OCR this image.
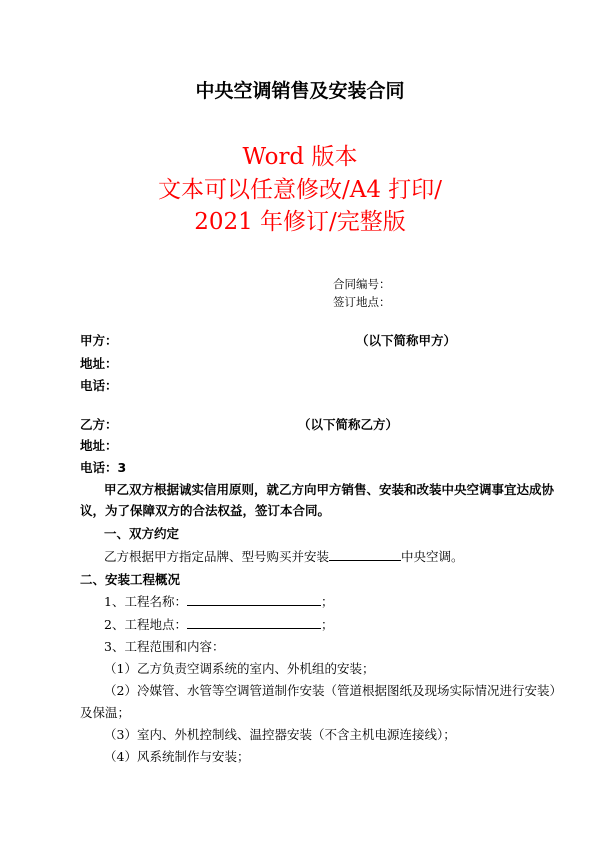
中央空调销售及安装合同
Word 版本
文本可以任意修改/A4 打印/
2021 年修订/完整版
合同编号：
签订地点：
甲方：	（以下简称甲方）
地址：
电话：
乙方：	（以下简称乙方）
地址：
电话：3
甲乙双方根据诚实信用原则，就乙方向甲方销售、安装和改装中央空调事宜达成协
议，为了保障双方的合法权益，签订本合同。
一、双方约定
乙方根据甲方指定品牌、型号购买并安装	中央空调。
二、安装工程概况
1、工程名称：	；
2、工程地点：	；
3、工程范围和内容：
（1）乙方负责空调系统的室内、外机组的安装；
（2）冷媒管、水管等空调管道制作安装（管道根据图纸及现场实际情况进行安装）
及保温；
（3）室内、外机控制线、温控器安装（不含主机电源连接线）；
（4）风系统制作与安装；
